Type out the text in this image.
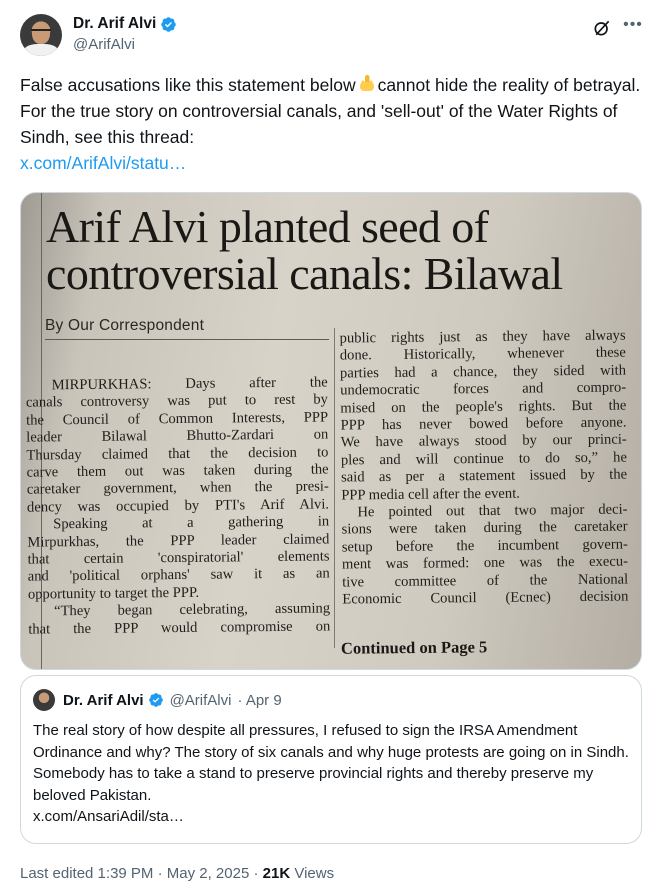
Dr. Arif Alvi
@ArifAlvi
•••
False accusations like this statement below cannot hide the reality of betrayal. For the true story on controversial canals, and 'sell-out' of the Water Rights of Sindh, see this thread:
x.com/ArifAlvi/statu…
Arif Alvi planted seed of
controversial canals: Bilawal
By Our Correspondent

MIRPURKHAS: Days after the

canals controversy was put to rest by

the Council of Common Interests, PPP

leader Bilawal Bhutto-Zardari on

Thursday claimed that the decision to

carve them out was taken during the

caretaker government, when the presi-

dency was occupied by PTI's Arif Alvi.

Speaking at a gathering in

Mirpurkhas, the PPP leader claimed

that certain 'conspiratorial' elements

and 'political orphans' saw it as an

opportunity to target the PPP.

“They began celebrating, assuming

that the PPP would compromise on

public rights just as they have always

done. Historically, whenever these

parties had a chance, they sided with

undemocratic forces and compro-

mised on the people's rights. But the

PPP has never bowed before anyone.

We have always stood by our princi-

ples and will continue to do so,” he

said as per a statement issued by the

PPP media cell after the event.

He pointed out that two major deci-

sions were taken during the caretaker

setup before the incumbent govern-

ment was formed: one was the execu-

tive committee of the National

Economic Council (Ecnec) decision

Continued on Page 5
Dr. Arif Alvi @ArifAlvi · Apr 9
The real story of how despite all pressures, I refused to sign the IRSA Amendment Ordinance and why? The story of six canals and why huge protests are going on in Sindh. Somebody has to take a stand to preserve provincial rights and thereby preserve my beloved Pakistan.
x.com/AnsariAdil/sta…
Last edited 1:39 PM · May 2, 2025 · 21K Views
